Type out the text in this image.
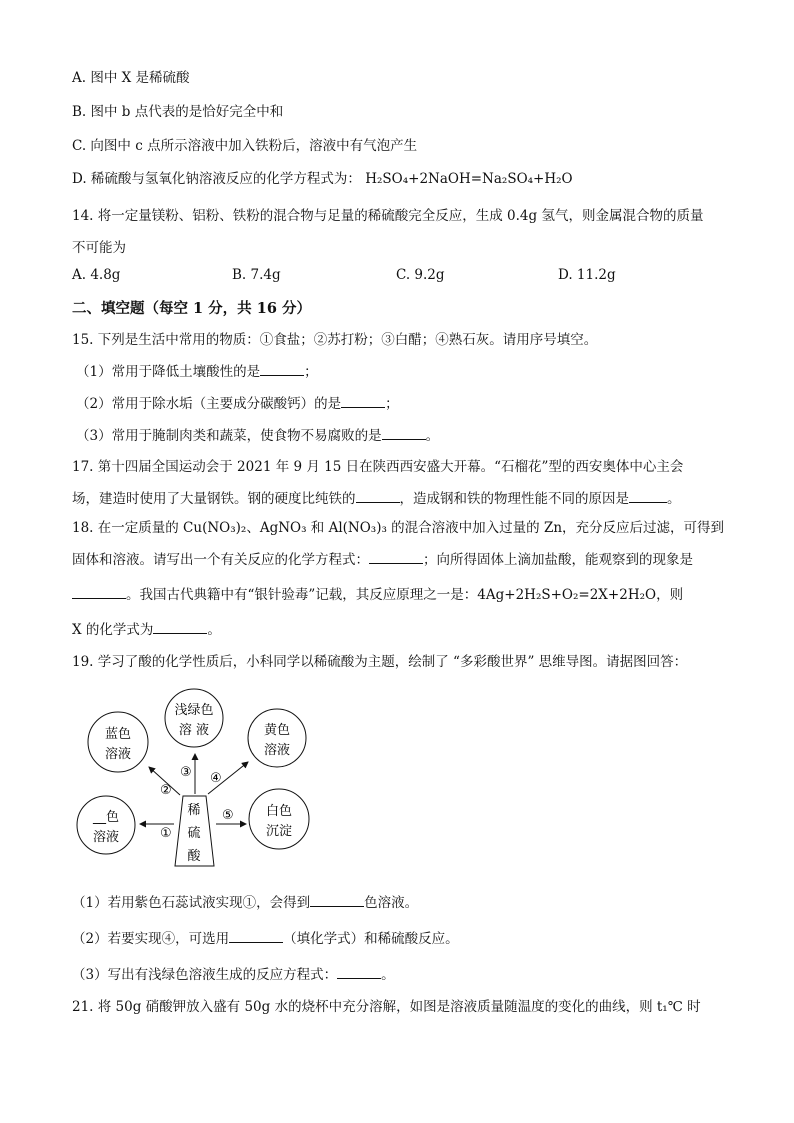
A. 图中 X 是稀硫酸
B. 图中 b 点代表的是恰好完全中和
C. 向图中 c 点所示溶液中加入铁粉后，溶液中有气泡产生
D. 稀硫酸与氢氧化钠溶液反应的化学方程式为： H₂SO₄+2NaOH=Na₂SO₄+H₂O
14. 将一定量镁粉、铝粉、铁粉的混合物与足量的稀硫酸完全反应，生成 0.4g 氢气，则金属混合物的质量
不可能为
A. 4.8g	B. 7.4g	C. 9.2g	D. 11.2g
二、填空题（每空 1 分，共 16 分）
15. 下列是生活中常用的物质：①食盐；②苏打粉；③白醋；④熟石灰。请用序号填空。
（1）常用于降低土壤酸性的是	；
（2）常用于除水垢（主要成分碳酸钙）的是	；
（3）常用于腌制肉类和蔬菜，使食物不易腐败的是	。
17. 第十四届全国运动会于 2021 年 9 月 15 日在陕西西安盛大开幕。“石榴花”型的西安奥体中心主会
场，建造时使用了大量钢铁。钢的硬度比纯铁的	，造成钢和铁的物理性能不同的原因是	。
18. 在一定质量的 Cu(NO₃)₂、AgNO₃ 和 Al(NO₃)₃ 的混合溶液中加入过量的 Zn，充分反应后过滤，可得到
固体和溶液。请写出一个有关反应的化学方程式：	；向所得固体上滴加盐酸，能观察到的现象是
。我国古代典籍中有“银针验毒”记载，其反应原理之一是：4Ag+2H₂S+O₂=2X+2H₂O，则
X 的化学式为	。
19. 学习了酸的化学性质后，小科同学以稀硫酸为主题，绘制了 “多彩酸世界” 思维导图。请据图回答：
②
③ ④
①
⑤
蓝色
溶液
浅绿色
溶 液	黄色
溶液
__色
溶液
白色
沉淀
稀
硫
酸
（1）若用紫色石蕊试液实现①，会得到	色溶液。
（2）若要实现④，可选用	（填化学式）和稀硫酸反应。
（3）写出有浅绿色溶液生成的反应方程式：	。
21. 将 50g 硝酸钾放入盛有 50g 水的烧杯中充分溶解，如图是溶液质量随温度的变化的曲线，则 t₁℃ 时
